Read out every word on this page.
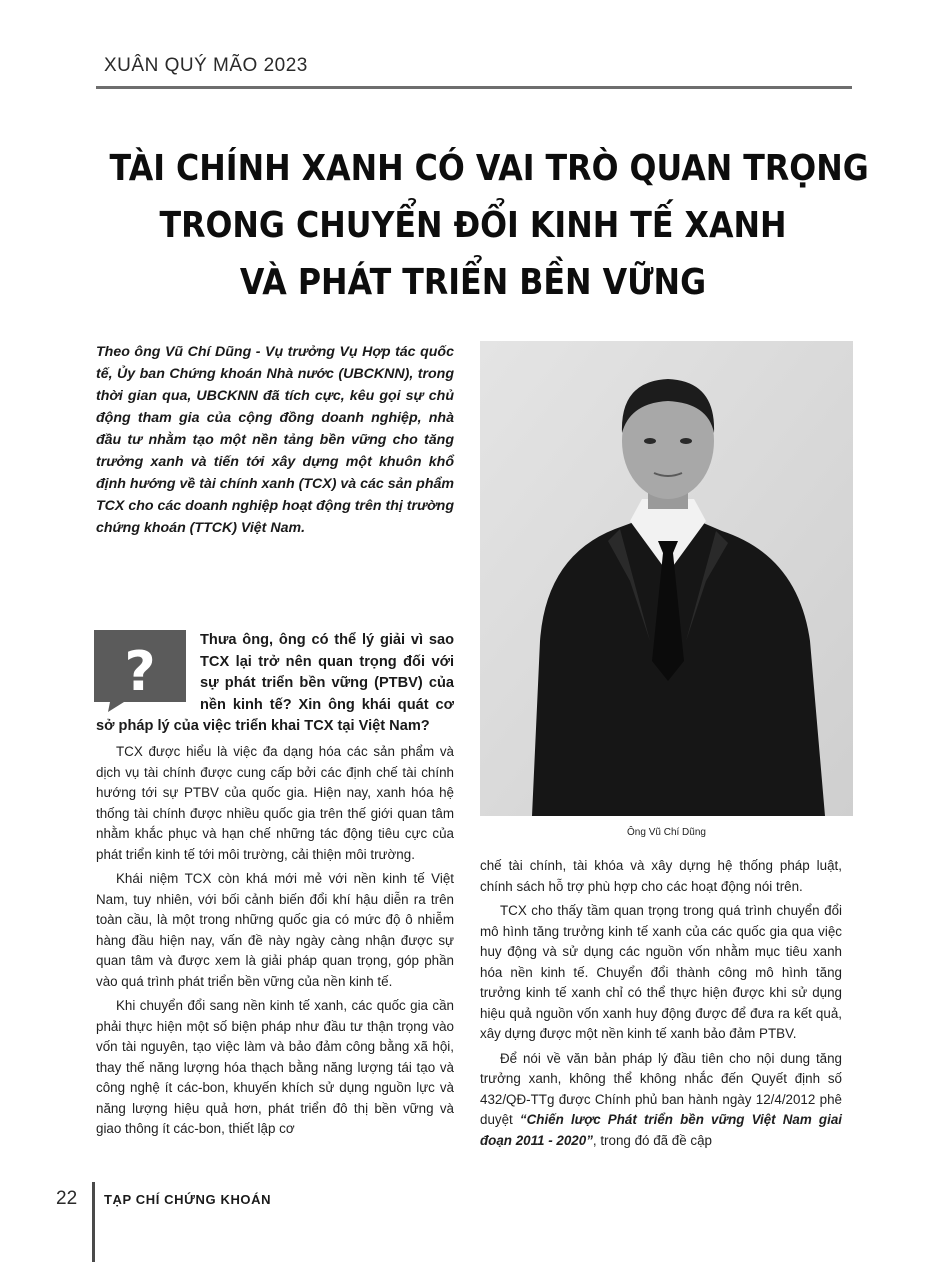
XUÂN QUÝ MÃO 2023
TÀI CHÍNH XANH CÓ VAI TRÒ QUAN TRỌNG
TRONG CHUYỂN ĐỔI KINH TẾ XANH
VÀ PHÁT TRIỂN BỀN VỮNG

Theo ông Vũ Chí Dũng - Vụ trưởng Vụ Hợp tác quốc tế, Ủy ban Chứng khoán Nhà nước (UBCKNN), trong thời gian qua, UBCKNN đã tích cực, kêu gọi sự chủ động tham gia của cộng đồng doanh nghiệp, nhà đầu tư nhằm tạo một nền tảng bền vững cho tăng trưởng xanh và tiến tới xây dựng một khuôn khổ định hướng về tài chính xanh (TCX) và các sản phẩm TCX cho các doanh nghiệp hoạt động trên thị trường chứng khoán (TTCK) Việt Nam.

Ông Vũ Chí Dũng
?	Thưa ông, ông có thể lý giải vì sao TCX lại trở nên quan trọng đối với sự phát triển bền vững (PTBV) của nền kinh tế? Xin ông khái quát cơ sở pháp lý của việc triển khai TCX tại Việt Nam?

TCX được hiểu là việc đa dạng hóa các sản phẩm và dịch vụ tài chính được cung cấp bởi các định chế tài chính hướng tới sự PTBV của quốc gia. Hiện nay, xanh hóa hệ thống tài chính được nhiều quốc gia trên thế giới quan tâm nhằm khắc phục và hạn chế những tác động tiêu cực của phát triển kinh tế tới môi trường, cải thiện môi trường.

Khái niệm TCX còn khá mới mẻ với nền kinh tế Việt Nam, tuy nhiên, với bối cảnh biến đổi khí hậu diễn ra trên toàn cầu, là một trong những quốc gia có mức độ ô nhiễm hàng đầu hiện nay, vấn đề này ngày càng nhận được sự quan tâm và được xem là giải pháp quan trọng, góp phần vào quá trình phát triển bền vững của nền kinh tế.

Khi chuyển đổi sang nền kinh tế xanh, các quốc gia cần phải thực hiện một số biện pháp như đầu tư thận trọng vào vốn tài nguyên, tạo việc làm và bảo đảm công bằng xã hội, thay thế năng lượng hóa thạch bằng năng lượng tái tạo và công nghệ ít các-bon, khuyến khích sử dụng nguồn lực và năng lượng hiệu quả hơn, phát triển đô thị bền vững và giao thông ít các-bon, thiết lập cơ

chế tài chính, tài khóa và xây dựng hệ thống pháp luật, chính sách hỗ trợ phù hợp cho các hoạt động nói trên.

TCX cho thấy tầm quan trọng trong quá trình chuyển đổi mô hình tăng trưởng kinh tế xanh của các quốc gia qua việc huy động và sử dụng các nguồn vốn nhằm mục tiêu xanh hóa nền kinh tế. Chuyển đổi thành công mô hình tăng trưởng kinh tế xanh chỉ có thể thực hiện được khi sử dụng hiệu quả nguồn vốn xanh huy động được để đưa ra kết quả, xây dựng được một nền kinh tế xanh bảo đảm PTBV.

Để nói về văn bản pháp lý đầu tiên cho nội dung tăng trưởng xanh, không thể không nhắc đến Quyết định số 432/QĐ-TTg được Chính phủ ban hành ngày 12/4/2012 phê duyệt “Chiến lược Phát triển bền vững Việt Nam giai đoạn 2011 - 2020”, trong đó đã đề cập

22 TẠP CHÍ CHỨNG KHOÁN
